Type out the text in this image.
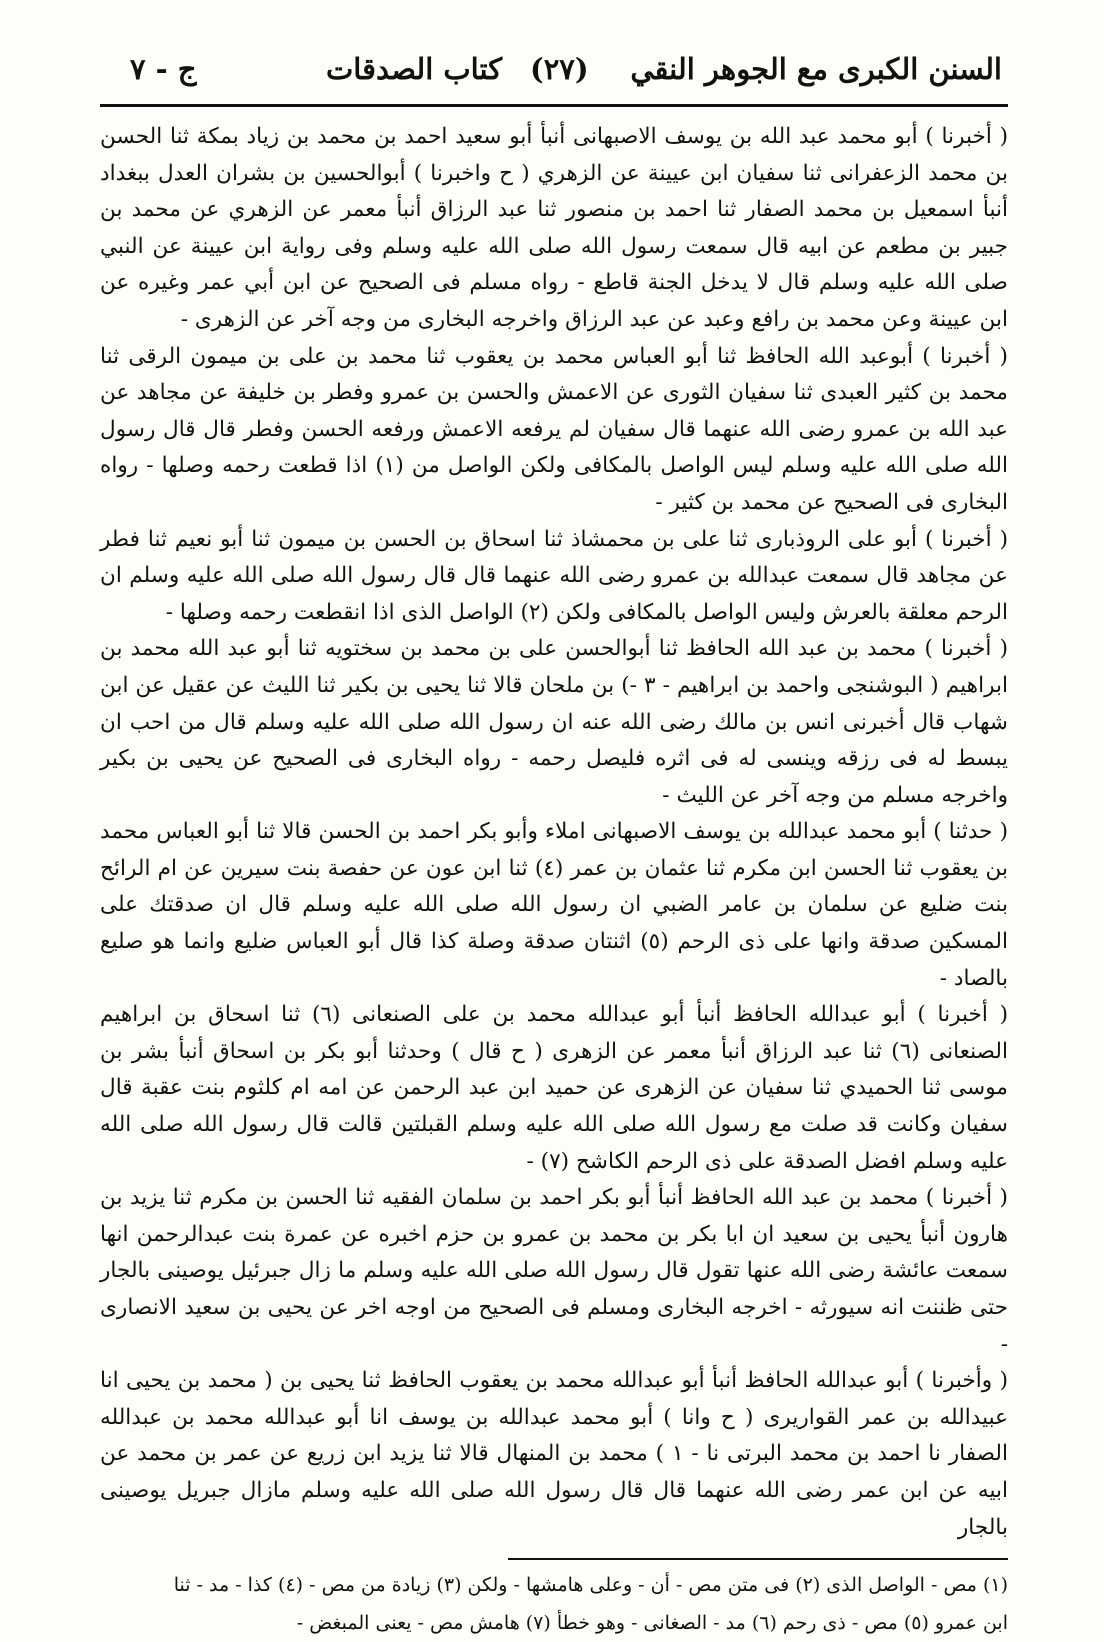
السنن الكبرى مع الجوهر النقي
(٢٧)
كتاب الصدقات
ج - ٧

( أخبرنا ) أبو محمد عبد الله بن يوسف الاصبهانى أنبأ أبو سعيد احمد بن محمد بن زياد بمكة ثنا الحسن بن محمد الزعفرانى ثنا سفيان ابن عيينة عن الزهري ( ح واخبرنا ) أبوالحسين بن بشران العدل ببغداد أنبأ اسمعيل بن محمد الصفار ثنا احمد بن منصور ثنا عبد الرزاق أنبأ معمر عن الزهري عن محمد بن جبير بن مطعم عن ابيه قال سمعت رسول الله صلى الله عليه وسلم وفى رواية ابن عيينة عن النبي صلى الله عليه وسلم قال لا يدخل الجنة قاطع - رواه مسلم فى الصحيح عن ابن أبي عمر وغيره عن ابن عيينة وعن محمد بن رافع وعبد عن عبد الرزاق واخرجه البخارى من وجه آخر عن الزهرى -

( أخبرنا ) أبوعبد الله الحافظ ثنا أبو العباس محمد بن يعقوب ثنا محمد بن على بن ميمون الرقى ثنا محمد بن كثير العبدى ثنا سفيان الثورى عن الاعمش والحسن بن عمرو وفطر بن خليفة عن مجاهد عن عبد الله بن عمرو رضى الله عنهما قال سفيان لم يرفعه الاعمش ورفعه الحسن وفطر قال قال رسول الله صلى الله عليه وسلم ليس الواصل بالمكافى ولكن الواصل من (١) اذا قطعت رحمه وصلها - رواه البخارى فى الصحيح عن محمد بن كثير -

( أخبرنا ) أبو على الروذبارى ثنا على بن محمشاذ ثنا اسحاق بن الحسن بن ميمون ثنا أبو نعيم ثنا فطر عن مجاهد قال سمعت عبدالله بن عمرو رضى الله عنهما قال قال رسول الله صلى الله عليه وسلم ان الرحم معلقة بالعرش وليس الواصل بالمكافى ولكن (٢) الواصل الذى اذا انقطعت رحمه وصلها -

( أخبرنا ) محمد بن عبد الله الحافظ ثنا أبوالحسن على بن محمد بن سختويه ثنا أبو عبد الله محمد بن ابراهيم ( البوشنجى واحمد بن ابراهيم - ٣ -) بن ملحان قالا ثنا يحيى بن بكير ثنا الليث عن عقيل عن ابن شهاب قال أخبرنى انس بن مالك رضى الله عنه ان رسول الله صلى الله عليه وسلم قال من احب ان يبسط له فى رزقه وينسى له فى اثره فليصل رحمه - رواه البخارى فى الصحيح عن يحيى بن بكير واخرجه مسلم من وجه آخر عن الليث -

( حدثنا ) أبو محمد عبدالله بن يوسف الاصبهانى املاء وأبو بكر احمد بن الحسن قالا ثنا أبو العباس محمد بن يعقوب ثنا الحسن ابن مكرم ثنا عثمان بن عمر (٤) ثنا ابن عون عن حفصة بنت سيرين عن ام الرائح بنت ضليع عن سلمان بن عامر الضبي ان رسول الله صلى الله عليه وسلم قال ان صدقتك على المسكين صدقة وانها على ذى الرحم (٥) اثنتان صدقة وصلة كذا قال أبو العباس ضليع وانما هو صليع بالصاد -

( أخبرنا ) أبو عبدالله الحافظ أنبأ أبو عبدالله محمد بن على الصنعانى (٦) ثنا اسحاق بن ابراهيم الصنعانى (٦) ثنا عبد الرزاق أنبأ معمر عن الزهرى ( ح قال ) وحدثنا أبو بكر بن اسحاق أنبأ بشر بن موسى ثنا الحميدي ثنا سفيان عن الزهرى عن حميد ابن عبد الرحمن عن امه ام كلثوم بنت عقبة قال سفيان وكانت قد صلت مع رسول الله صلى الله عليه وسلم القبلتين قالت قال رسول الله صلى الله عليه وسلم افضل الصدقة على ذى الرحم الكاشح (٧) -

( أخبرنا ) محمد بن عبد الله الحافظ أنبأ أبو بكر احمد بن سلمان الفقيه ثنا الحسن بن مكرم ثنا يزيد بن هارون أنبأ يحيى بن سعيد ان ابا بكر بن محمد بن عمرو بن حزم اخبره عن عمرة بنت عبدالرحمن انها سمعت عائشة رضى الله عنها تقول قال رسول الله صلى الله عليه وسلم ما زال جبرئيل يوصينى بالجار حتى ظننت انه سيورثه - اخرجه البخارى ومسلم فى الصحيح من اوجه اخر عن يحيى بن سعيد الانصارى -

( وأخبرنا ) أبو عبدالله الحافظ أنبأ أبو عبدالله محمد بن يعقوب الحافظ ثنا يحيى بن ( محمد بن يحيى انا عبيدالله بن عمر القواريرى ( ح وانا ) أبو محمد عبدالله بن يوسف انا أبو عبدالله محمد بن عبدالله الصفار نا احمد بن محمد البرتى نا - ١ ) محمد بن المنهال قالا ثنا يزيد ابن زريع عن عمر بن محمد عن ابيه عن ابن عمر رضى الله عنهما قال قال رسول الله صلى الله عليه وسلم مازال جبريل يوصينى بالجار

(١) مص - الواصل الذى (٢) فى متن مص - أن - وعلى هامشها - ولكن (٣) زيادة من مص - (٤) كذا - مد - ثنا
ابن عمرو (٥) مص - ذى رحم (٦) مد - الصغانى - وهو خطأ (٧) هامش مص - يعنى المبغض -
